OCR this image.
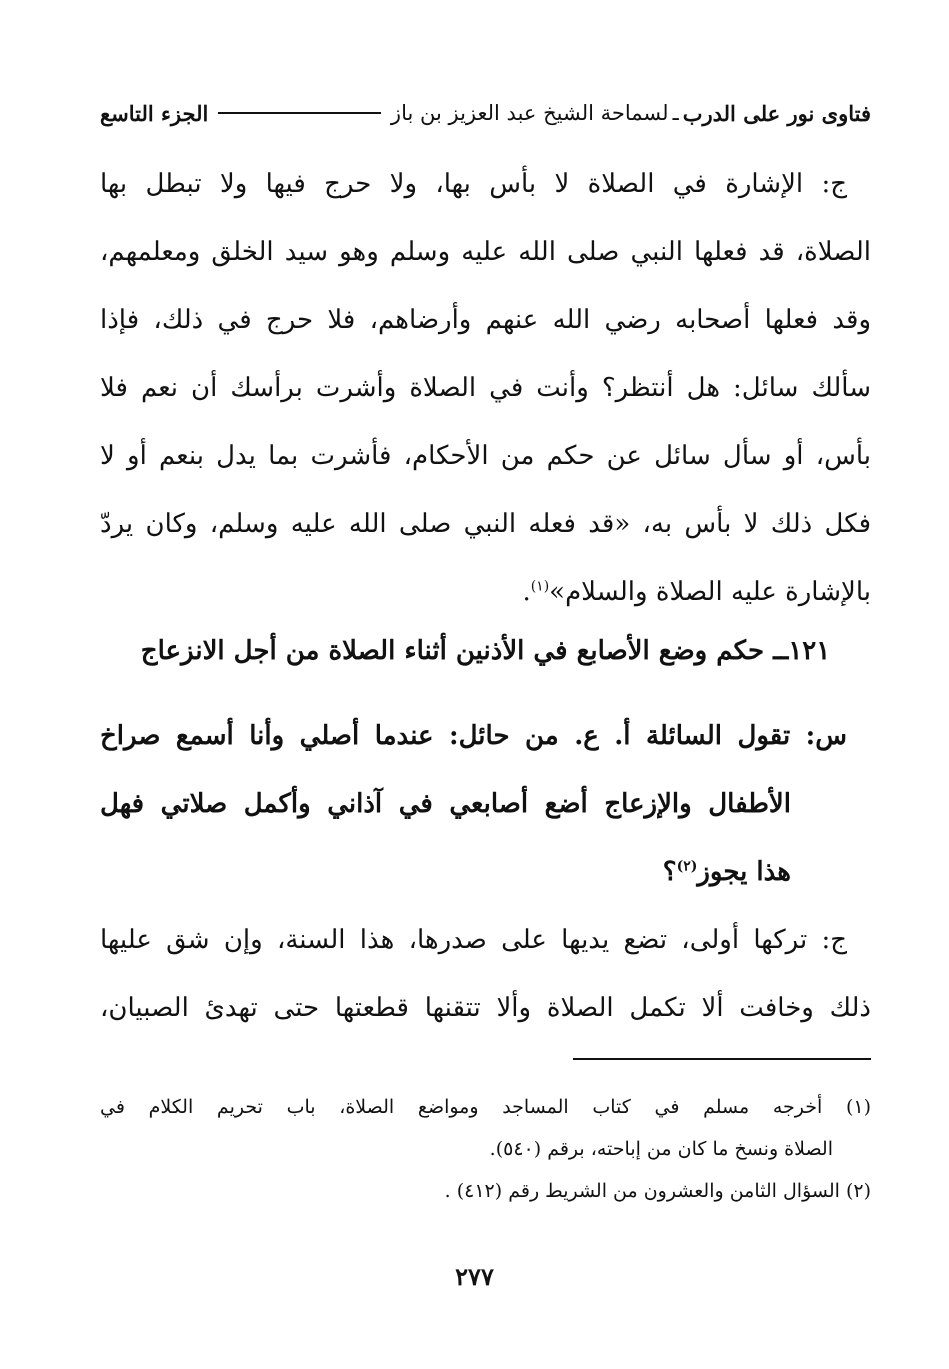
فتاوى نور على الدرب
ـ
لسماحة الشيخ عبد العزيز بن باز
الجزء التاسع
ج: الإشارة في الصلاة لا بأس بها، ولا حرج فيها ولا تبطل بها
الصلاة، قد فعلها النبي صلى الله عليه وسلم وهو سيد الخلق ومعلمهم،
وقد فعلها أصحابه رضي الله عنهم وأرضاهم، فلا حرج في ذلك، فإذا
سألك سائل: هل أنتظر؟ وأنت في الصلاة وأشرت برأسك أن نعم فلا
بأس، أو سأل سائل عن حكم من الأحكام، فأشرت بما يدل بنعم أو لا
فكل ذلك لا بأس به، «قد فعله النبي صلى الله عليه وسلم، وكان يردّ
بالإشارة عليه الصلاة والسلام»$^{(١)}$.
١٢١ــ حكم وضع الأصابع في الأذنين أثناء الصلاة من أجل الانزعاج
س: تقول السائلة أ. ع. من حائل: عندما أصلي وأنا أسمع صراخ
الأطفال والإزعاج أضع أصابعي في آذاني وأكمل صلاتي فهل
هذا يجوز$^{(٢)}$؟
ج: تركها أولى، تضع يديها على صدرها، هذا السنة، وإن شق عليها
ذلك وخافت ألا تكمل الصلاة وألا تتقنها قطعتها حتى تهدئ الصبيان،
(١) أخرجه مسلم في كتاب المساجد ومواضع الصلاة، باب تحريم الكلام في
الصلاة ونسخ ما كان من إباحته، برقم (٥٤٠).
(٢) السؤال الثامن والعشرون من الشريط رقم (٤١٢) .
٢٧٧
